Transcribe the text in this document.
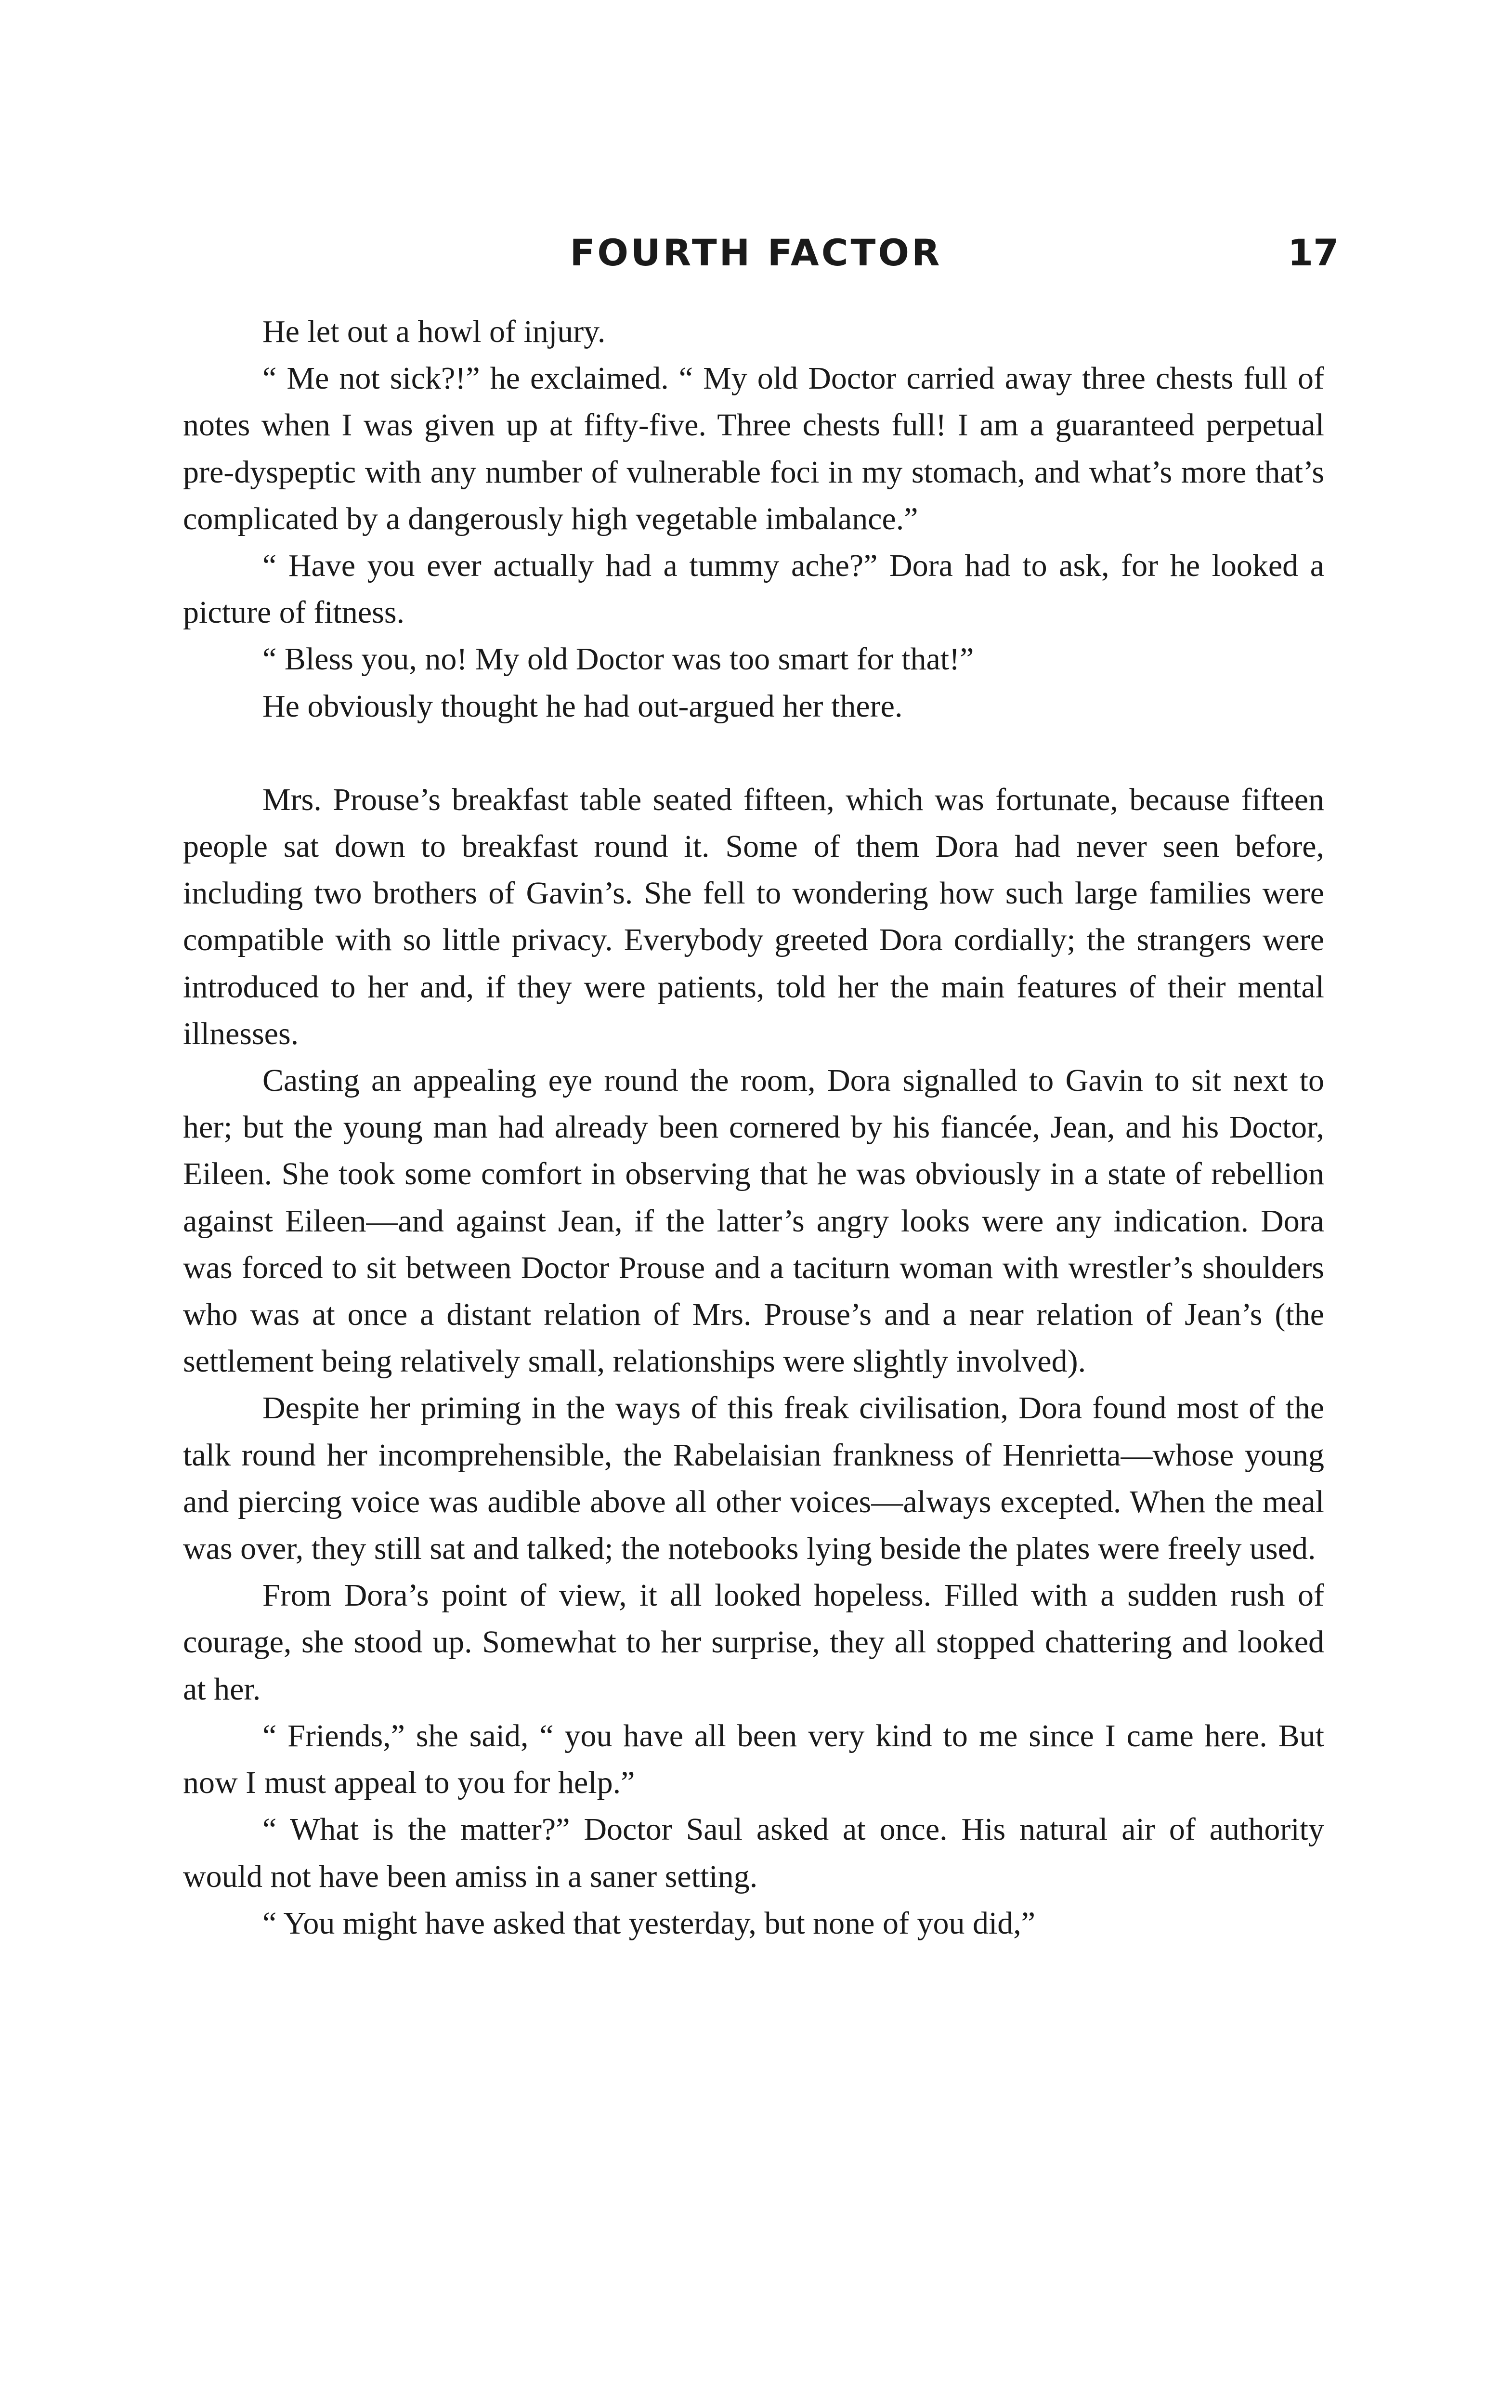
FOURTH FACTOR	17

He let out a howl of injury.

“ Me not sick?!” he exclaimed. “ My old Doctor carried away three chests full of notes when I was given up at fifty-five. Three chests full! I am a guaranteed perpetual pre-dyspeptic with any number of vulnerable foci in my stomach, and what’s more that’s complicated by a dangerously high vegetable imbalance.”

“ Have you ever actually had a tummy ache?” Dora had to ask, for he looked a picture of fitness.

“ Bless you, no! My old Doctor was too smart for that!”

He obviously thought he had out-argued her there.

Mrs. Prouse’s breakfast table seated fifteen, which was fortunate, because fifteen people sat down to breakfast round it. Some of them Dora had never seen before, including two brothers of Gavin’s. She fell to wondering how such large families were compatible with so little privacy. Everybody greeted Dora cordially; the strangers were introduced to her and, if they were patients, told her the main features of their mental illnesses.

Casting an appealing eye round the room, Dora signalled to Gavin to sit next to her; but the young man had already been cornered by his fiancée, Jean, and his Doctor, Eileen. She took some comfort in observing that he was obviously in a state of rebellion against Eileen—and against Jean, if the latter’s angry looks were any indication. Dora was forced to sit between Doctor Prouse and a taciturn woman with wrestler’s shoulders who was at once a distant relation of Mrs. Prouse’s and a near relation of Jean’s (the settlement being relatively small, relationships were slightly involved).

Despite her priming in the ways of this freak civilisation, Dora found most of the talk round her incomprehensible, the Rabelaisian frankness of Henrietta—whose young and piercing voice was audible above all other voices—always excepted. When the meal was over, they still sat and talked; the notebooks lying beside the plates were freely used.

From Dora’s point of view, it all looked hopeless. Filled with a sudden rush of courage, she stood up. Somewhat to her surprise, they all stopped chattering and looked at her.

“ Friends,” she said, “ you have all been very kind to me since I came here. But now I must appeal to you for help.”

“ What is the matter?” Doctor Saul asked at once. His natural air of authority would not have been amiss in a saner setting.

“ You might have asked that yesterday, but none of you did,”
